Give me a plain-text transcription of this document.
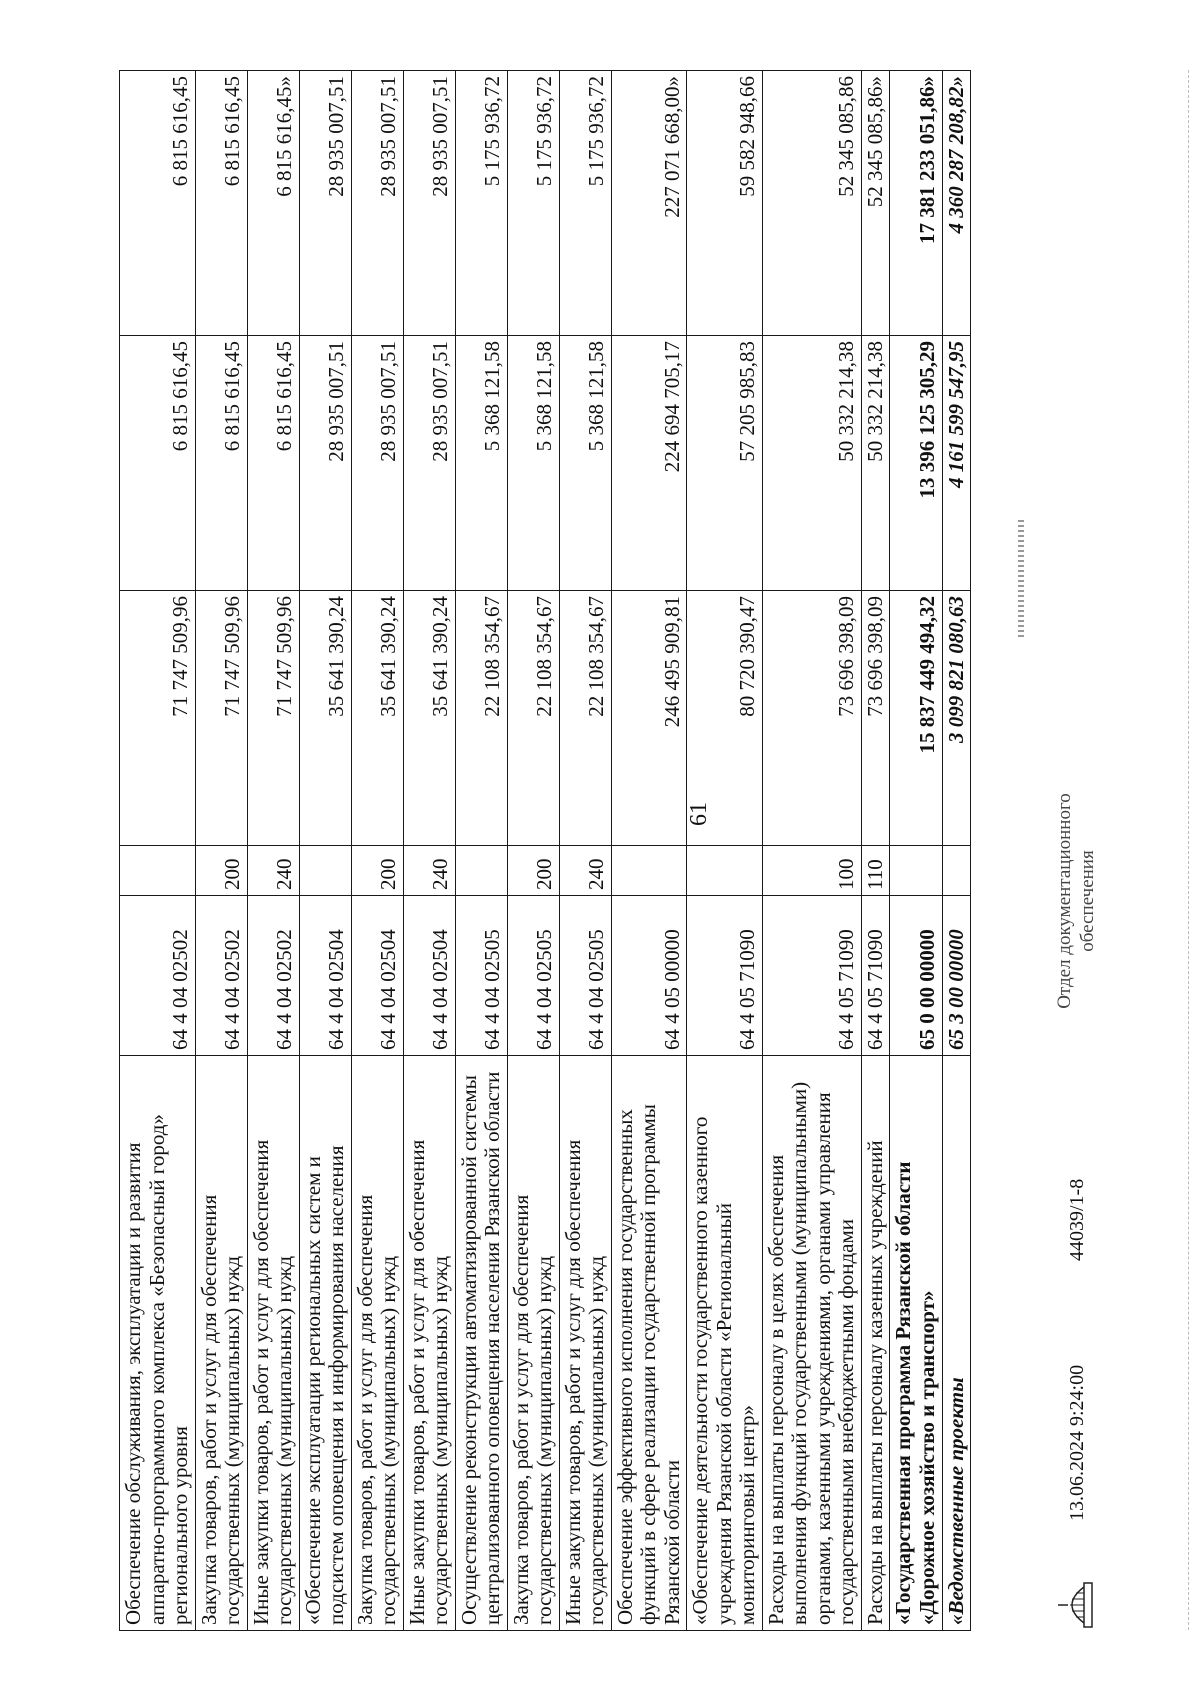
61
Обеспечение обслуживания, эксплуатации и развития аппаратно-программного комплекса «Безопасный город» регионального уровня	64 4 04 02502		71 747 509,96	6 815 616,45	6 815 616,45
Закупка товаров, работ и услуг для обеспечения государственных (муниципальных) нужд	64 4 04 02502	200	71 747 509,96	6 815 616,45	6 815 616,45
Иные закупки товаров, работ и услуг для обеспечения государственных (муниципальных) нужд	64 4 04 02502	240	71 747 509,96	6 815 616,45	6 815 616,45»
«Обеспечение эксплуатации региональных систем и подсистем оповещения и информирования населения	64 4 04 02504		35 641 390,24	28 935 007,51	28 935 007,51
Закупка товаров, работ и услуг для обеспечения государственных (муниципальных) нужд	64 4 04 02504	200	35 641 390,24	28 935 007,51	28 935 007,51
Иные закупки товаров, работ и услуг для обеспечения государственных (муниципальных) нужд	64 4 04 02504	240	35 641 390,24	28 935 007,51	28 935 007,51
Осуществление реконструкции автоматизированной системы централизованного оповещения населения Рязанской области	64 4 04 02505		22 108 354,67	5 368 121,58	5 175 936,72
Закупка товаров, работ и услуг для обеспечения государственных (муниципальных) нужд	64 4 04 02505	200	22 108 354,67	5 368 121,58	5 175 936,72
Иные закупки товаров, работ и услуг для обеспечения государственных (муниципальных) нужд	64 4 04 02505	240	22 108 354,67	5 368 121,58	5 175 936,72
Обеспечение эффективного исполнения государственных функций в сфере реализации государственной программы Рязанской области	64 4 05 00000		246 495 909,81	224 694 705,17	227 071 668,00»
«Обеспечение деятельности государственного казенного учреждения Рязанской области «Региональный мониторинговый центр»	64 4 05 71090		80 720 390,47	57 205 985,83	59 582 948,66
Расходы на выплаты персоналу в целях обеспечения выполнения функций государственными (муниципальными) органами, казенными учреждениями, органами управления государственными внебюджетными фондами	64 4 05 71090	100	73 696 398,09	50 332 214,38	52 345 085,86
Расходы на выплаты персоналу казенных учреждений	64 4 05 71090	110	73 696 398,09	50 332 214,38	52 345 085,86»
«Государственная программа Рязанской области «Дорожное хозяйство и транспорт»	65 0 00 00000		15 837 449 494,32	13 396 125 305,29	17 381 233 051,86»
«Ведомственные проекты	65 3 00 00000		3 099 821 080,63	4 161 599 547,95	4 360 287 208,82»
13.06.2024 9:24:00
44039/1-8
Отдел документационного обеспечения
